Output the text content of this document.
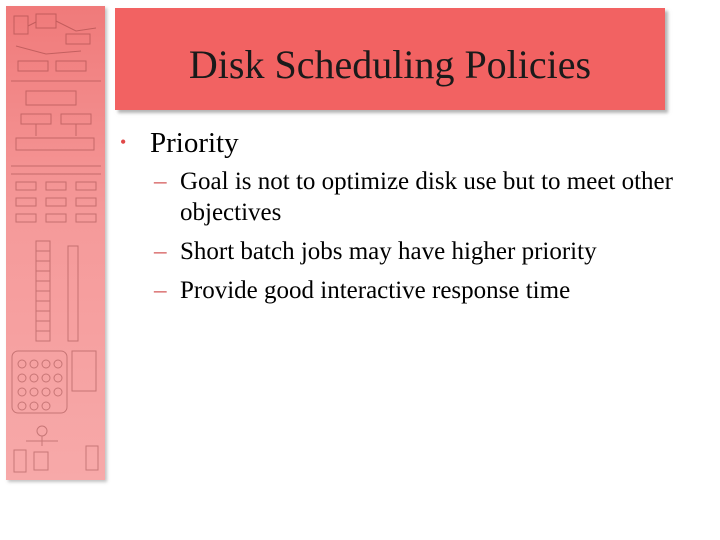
Disk Scheduling Policies
• Priority
– Goal is not to optimize disk use but to meet other objectives
– Short batch jobs may have higher priority
– Provide good interactive response time
